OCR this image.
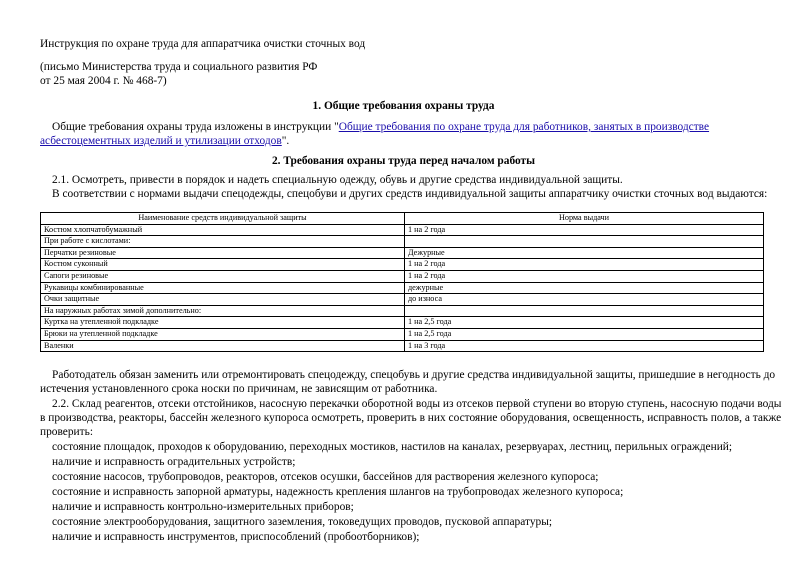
Инструкция по охране труда для аппаратчика очистки сточных вод
(письмо Министерства труда и социального развития РФ
от 25 мая 2004 г. № 468-7)
1. Общие требования охраны труда
Общие требования охраны труда изложены в инструкции "Общие требования по охране труда для работников, занятых в производстве
асбестоцементных изделий и утилизации отходов".
2. Требования охраны труда перед началом работы
2.1. Осмотреть, привести в порядок и надеть специальную одежду, обувь и другие средства индивидуальной защиты.
В соответствии с нормами выдачи спецодежды, спецобуви и других средств индивидуальной защиты аппаратчику очистки сточных вод выдаются:
Наименование средств индивидуальной защиты	Норма выдачи
Костюм хлопчатобумажный	1 на 2 года
При работе с кислотами:	
Перчатки резиновые	Дежурные
Костюм суконный	1 на 2 года
Сапоги резиновые	1 на 2 года
Рукавицы комбинированные	дежурные
Очки защитные	до износа
На наружных работах зимой дополнительно:	
Куртка на утепленной подкладке	1 на 2,5 года
Брюки на утепленной подкладке	1 на 2,5 года
Валенки	1 на 3 года
Работодатель обязан заменить или отремонтировать спецодежду, спецобувь и другие средства индивидуальной защиты, пришедшие в негодность до
истечения установленного срока носки по причинам, не зависящим от работника.
2.2. Склад реагентов, отсеки отстойников, насосную перекачки оборотной воды из отсеков первой ступени во вторую ступень, насосную подачи воды
в производства, реакторы, бассейн железного купороса осмотреть, проверить в них состояние оборудования, освещенность, исправность полов, а также
проверить:
состояние площадок, проходов к оборудованию, переходных мостиков, настилов на каналах, резервуарах, лестниц, перильных ограждений;
наличие и исправность оградительных устройств;
состояние насосов, трубопроводов, реакторов, отсеков осушки, бассейнов для растворения железного купороса;
состояние и исправность запорной арматуры, надежность крепления шлангов на трубопроводах железного купороса;
наличие и исправность контрольно-измерительных приборов;
состояние электрооборудования, защитного заземления, токоведущих проводов, пусковой аппаратуры;
наличие и исправность инструментов, приспособлений (пробоотборников);
